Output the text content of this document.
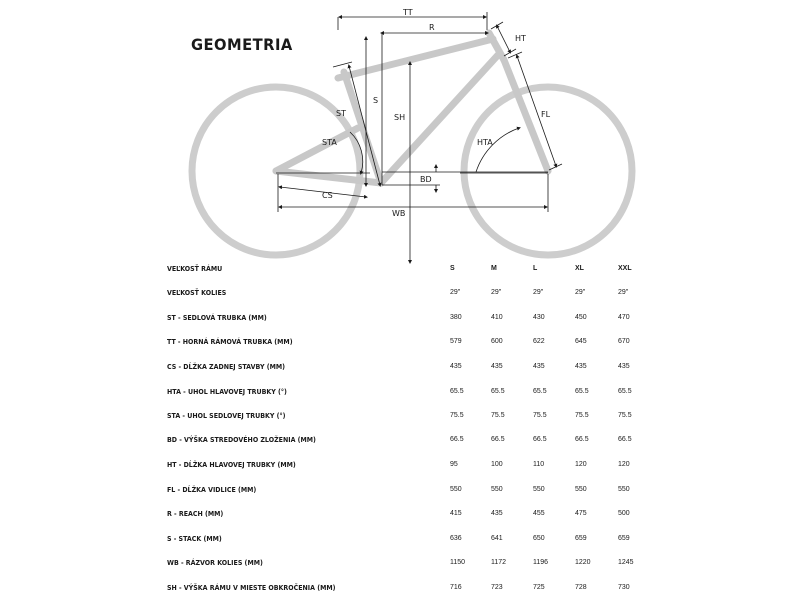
GEOMETRIA
TT
R
HT
S
ST	SH	FL
STA	HTA
BD
CS
WB
VEĽKOSŤ RÁMU	S	M	L	XL	XXL
VEĽKOSŤ KOLIES	29"	29"	29"	29"	29"
ST - SEDLOVÁ TRUBKA (MM)	380	410	430	450	470
TT - HORNÁ RÁMOVÁ TRUBKA (MM)	579	600	622	645	670
CS - DĹŽKA ZADNEJ STAVBY (MM)	435	435	435	435	435
HTA - UHOL HLAVOVEJ TRUBKY (°)	65.5	65.5	65.5	65.5	65.5
STA - UHOL SEDLOVEJ TRUBKY (°)	75.5	75.5	75.5	75.5	75.5
BD - VÝŠKA STREDOVÉHO ZLOŽENIA (MM)	66.5	66.5	66.5	66.5	66.5
HT - DĹŽKA HLAVOVEJ TRUBKY (MM)	95	100	110	120	120
FL - DĹŽKA VIDLICE (MM)	550	550	550	550	550
R - REACH (MM)	415	435	455	475	500
S - STACK (MM)	636	641	650	659	659
WB - RÁZVOR KOLIES (MM)	1150	1172	1196	1220	1245
SH - VÝŠKA RÁMU V MIESTE OBKROČENIA (MM)	716	723	725	728	730
